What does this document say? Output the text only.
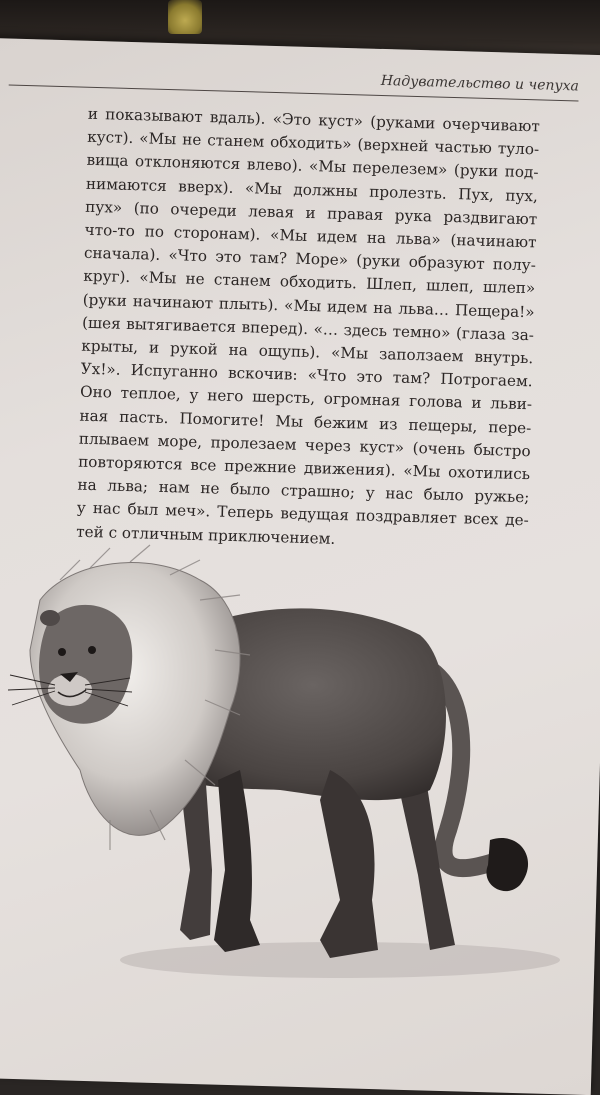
Надувательство и чепуха
и показывают вдаль). «Это куст» (руками очерчивают
куст). «Мы не станем обходить» (верхней частью туло-
вища отклоняются влево). «Мы перелезем» (руки под-
нимаются вверх). «Мы должны пролезть. Пух, пух,
пух» (по очереди левая и правая рука раздвигают
что-то по сторонам). «Мы идем на льва» (начинают
сначала). «Что это там? Море» (руки образуют полу-
круг). «Мы не станем обходить. Шлеп, шлеп, шлеп»
(руки начинают плыть). «Мы идем на льва… Пещера!»
(шея вытягивается вперед). «… здесь темно» (глаза за-
крыты, и рукой на ощупь). «Мы заползаем внутрь.
Ух!». Испуганно вскочив: «Что это там? Потрогаем.
Оно теплое, у него шерсть, огромная голова и льви-
ная пасть. Помогите! Мы бежим из пещеры, пере-
плываем море, пролезаем через куст» (очень быстро
повторяются все прежние движения). «Мы охотились
на льва; нам не было страшно; у нас было ружье;
у нас был меч». Теперь ведущая поздравляет всех де-
тей с отличным приключением.
